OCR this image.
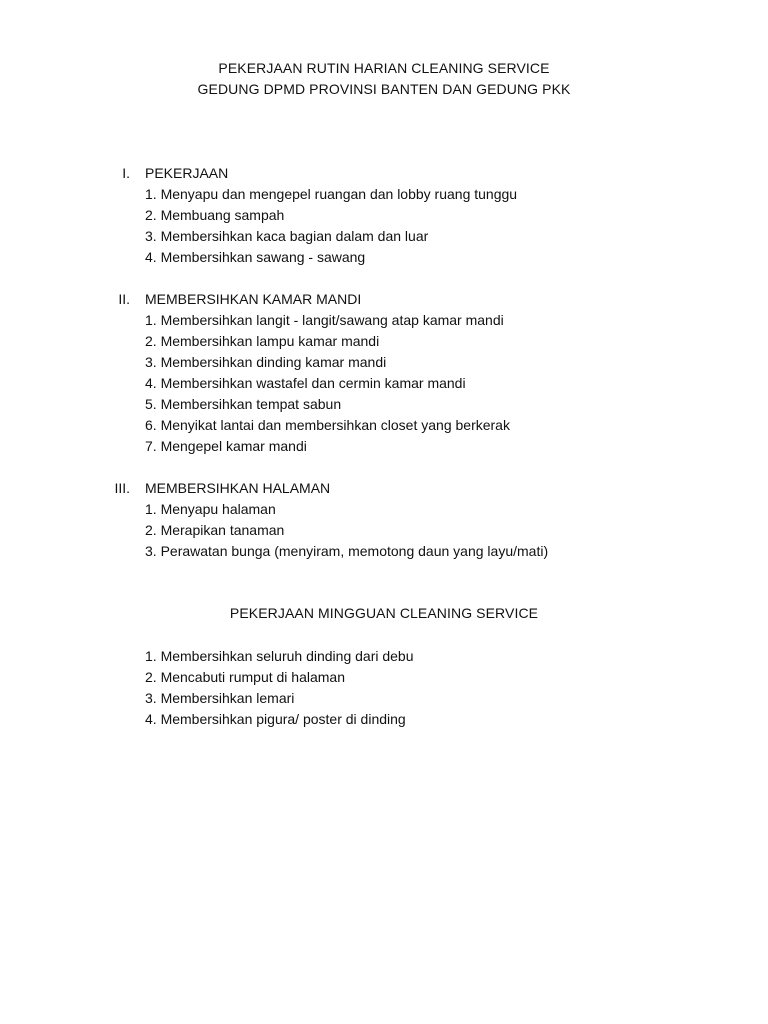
PEKERJAAN RUTIN HARIAN CLEANING SERVICE
GEDUNG DPMD PROVINSI BANTEN DAN GEDUNG PKK
I. PEKERJAAN
1. Menyapu dan mengepel ruangan dan lobby ruang tunggu
2. Membuang sampah
3. Membersihkan kaca bagian dalam dan luar
4. Membersihkan sawang - sawang
II. MEMBERSIHKAN KAMAR MANDI
1. Membersihkan langit - langit/sawang atap kamar mandi
2. Membersihkan lampu kamar mandi
3. Membersihkan dinding kamar mandi
4. Membersihkan wastafel dan cermin kamar mandi
5. Membersihkan tempat sabun
6. Menyikat lantai dan membersihkan closet yang berkerak
7. Mengepel kamar mandi
III. MEMBERSIHKAN HALAMAN
1. Menyapu halaman
2. Merapikan tanaman
3. Perawatan bunga (menyiram, memotong daun yang layu/mati)
PEKERJAAN MINGGUAN CLEANING SERVICE
1. Membersihkan seluruh dinding dari debu
2. Mencabuti rumput di halaman
3. Membersihkan lemari
4. Membersihkan pigura/ poster di dinding
